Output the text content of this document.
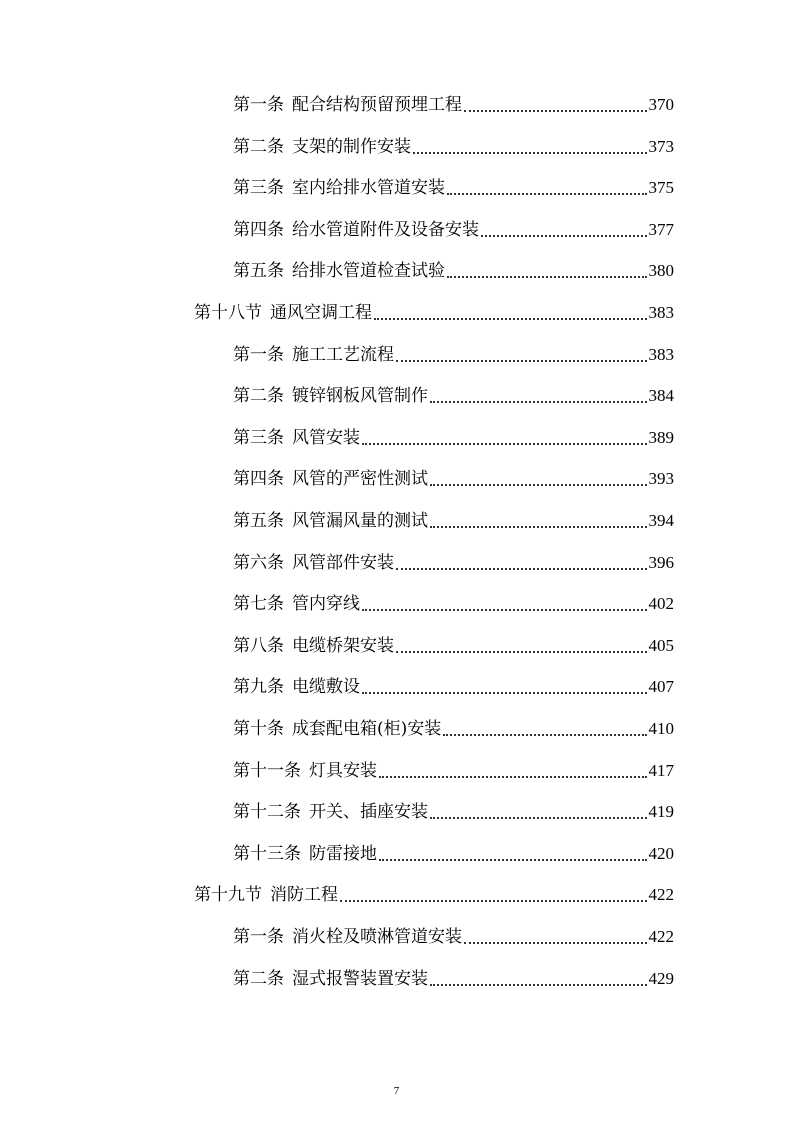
第一条 配合结构预留预埋工程	370
第二条 支架的制作安装	373
第三条 室内给排水管道安装	375
第四条 给水管道附件及设备安装	377
第五条 给排水管道检查试验	380
第十八节 通风空调工程	383
第一条 施工工艺流程	383
第二条 镀锌钢板风管制作	384
第三条 风管安装	389
第四条 风管的严密性测试	393
第五条 风管漏风量的测试	394
第六条 风管部件安装	396
第七条 管内穿线	402
第八条 电缆桥架安装	405
第九条 电缆敷设	407
第十条 成套配电箱(柜)安装	410
第十一条 灯具安装	417
第十二条 开关、插座安装	419
第十三条 防雷接地	420
第十九节 消防工程	422
第一条 消火栓及喷淋管道安装	422
第二条 湿式报警装置安装	429
7
